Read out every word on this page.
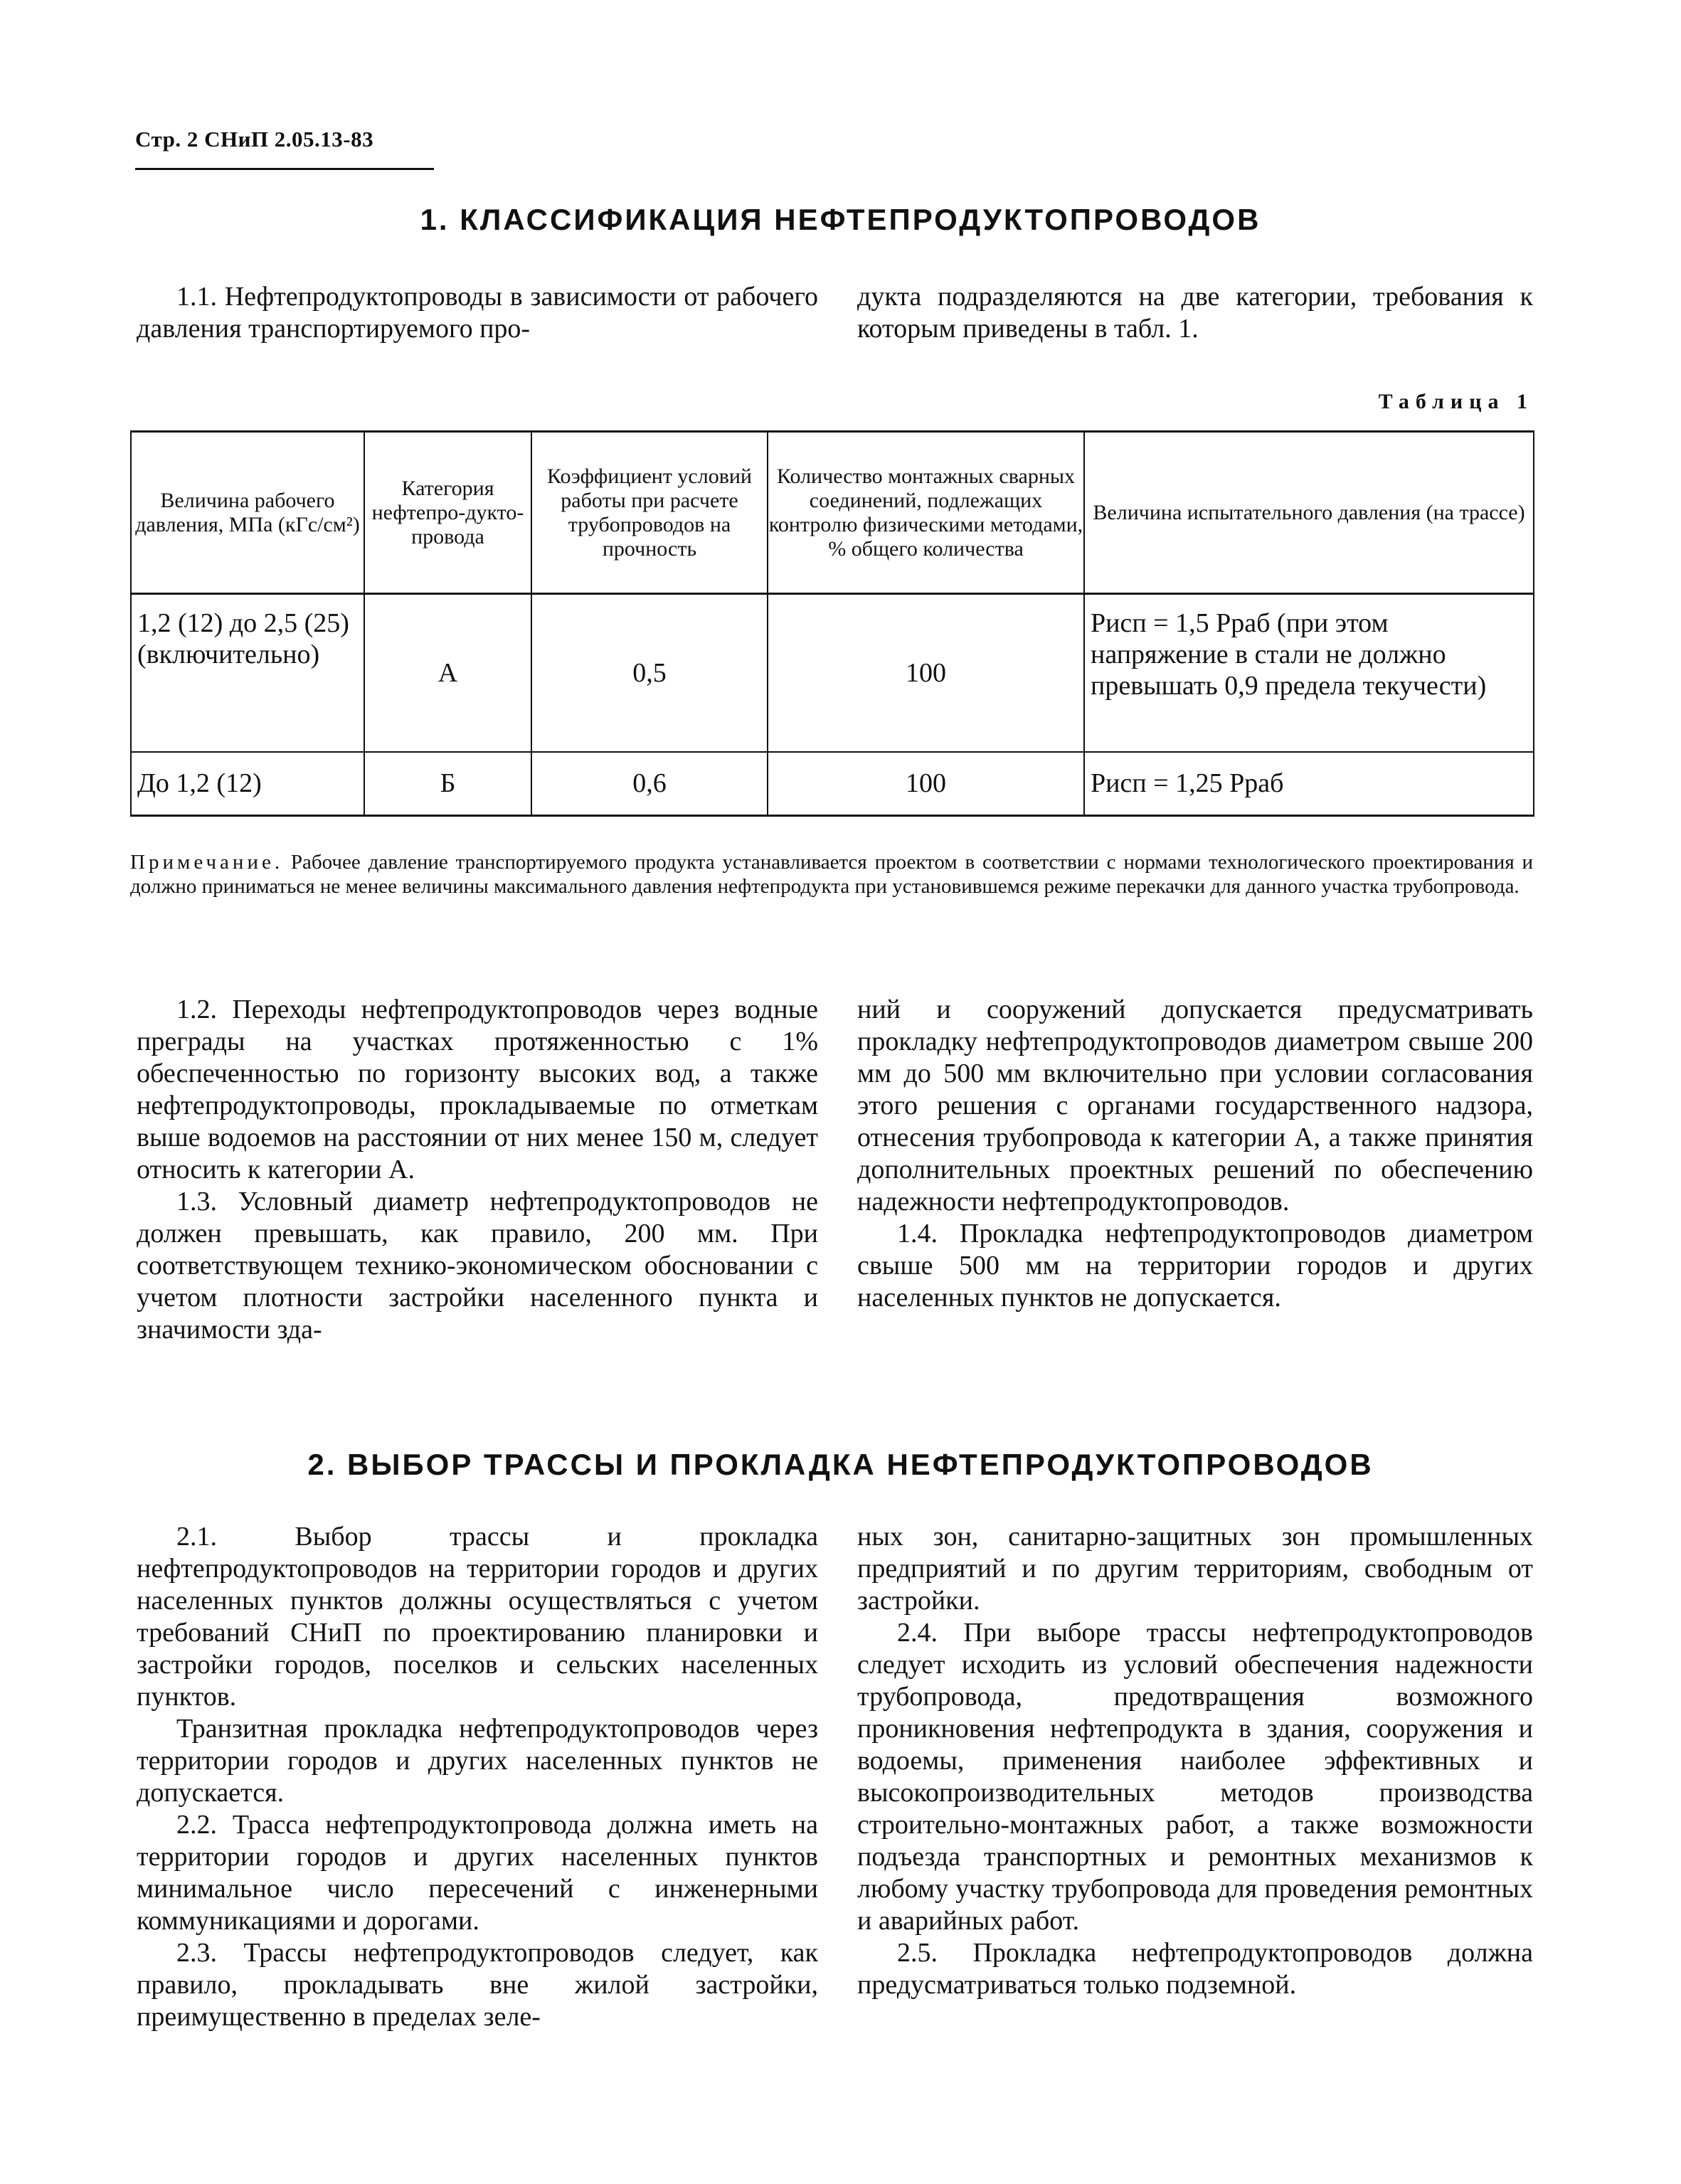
Стр. 2 СНиП 2.05.13-83
1. КЛАССИФИКАЦИЯ НЕФТЕПРОДУКТОПРОВОДОВ

1.1. Нефтепродуктопроводы в зависимости от рабочего давления транспортируемого про-

дукта подразделяются на две категории, требования к которым приведены в табл. 1.

Таблица 1
Величина рабочего давления, МПа (кГс/см²)	Категория нефтепро-дукто-провода	Коэффициент условий работы при расчете трубопроводов на прочность	Количество монтажных сварных соединений, подлежащих контролю физическими методами, % общего количества	Величина испытательного давления (на трассе)
1,2 (12) до 2,5 (25) (включительно)	А	0,5	100	Pисп = 1,5 Pраб (при этом напряжение в стали не должно превышать 0,9 предела текучести)
До 1,2 (12)	Б	0,6	100	Pисп = 1,25 Pраб
Примечание. Рабочее давление транспортируемого продукта устанавливается проектом в соответствии с нормами технологического проектирования и должно приниматься не менее величины максимального давления нефтепродукта при установившемся режиме перекачки для данного участка трубопровода.

1.2. Переходы нефтепродуктопроводов через водные преграды на участках протяженностью с 1% обеспеченностью по горизонту высоких вод, а также нефтепродуктопроводы, прокладываемые по отметкам выше водоемов на расстоянии от них менее 150 м, следует относить к категории А.

1.3. Условный диаметр нефтепродуктопроводов не должен превышать, как правило, 200 мм. При соответствующем технико-экономическом обосновании с учетом плотности застройки населенного пункта и значимости зда-

ний и сооружений допускается предусматривать прокладку нефтепродуктопроводов диаметром свыше 200 мм до 500 мм включительно при условии согласования этого решения с органами государственного надзора, отнесения трубопровода к категории А, а также принятия дополнительных проектных решений по обеспечению надежности нефтепродуктопроводов.

1.4. Прокладка нефтепродуктопроводов диаметром свыше 500 мм на территории городов и других населенных пунктов не допускается.

2. ВЫБОР ТРАССЫ И ПРОКЛАДКА НЕФТЕПРОДУКТОПРОВОДОВ

2.1. Выбор трассы и прокладка нефтепродуктопроводов на территории городов и других населенных пунктов должны осуществляться с учетом требований СНиП по проектированию планировки и застройки городов, поселков и сельских населенных пунктов.

Транзитная прокладка нефтепродуктопроводов через территории городов и других населенных пунктов не допускается.

2.2. Трасса нефтепродуктопровода должна иметь на территории городов и других населенных пунктов минимальное число пересечений с инженерными коммуникациями и дорогами.

2.3. Трассы нефтепродуктопроводов следует, как правило, прокладывать вне жилой застройки, преимущественно в пределах зеле-

ных зон, санитарно-защитных зон промышленных предприятий и по другим территориям, свободным от застройки.

2.4. При выборе трассы нефтепродуктопроводов следует исходить из условий обеспечения надежности трубопровода, предотвращения возможного проникновения нефтепродукта в здания, сооружения и водоемы, применения наиболее эффективных и высокопроизводительных методов производства строительно-монтажных работ, а также возможности подъезда транспортных и ремонтных механизмов к любому участку трубопровода для проведения ремонтных и аварийных работ.

2.5. Прокладка нефтепродуктопроводов должна предусматриваться только подземной.
